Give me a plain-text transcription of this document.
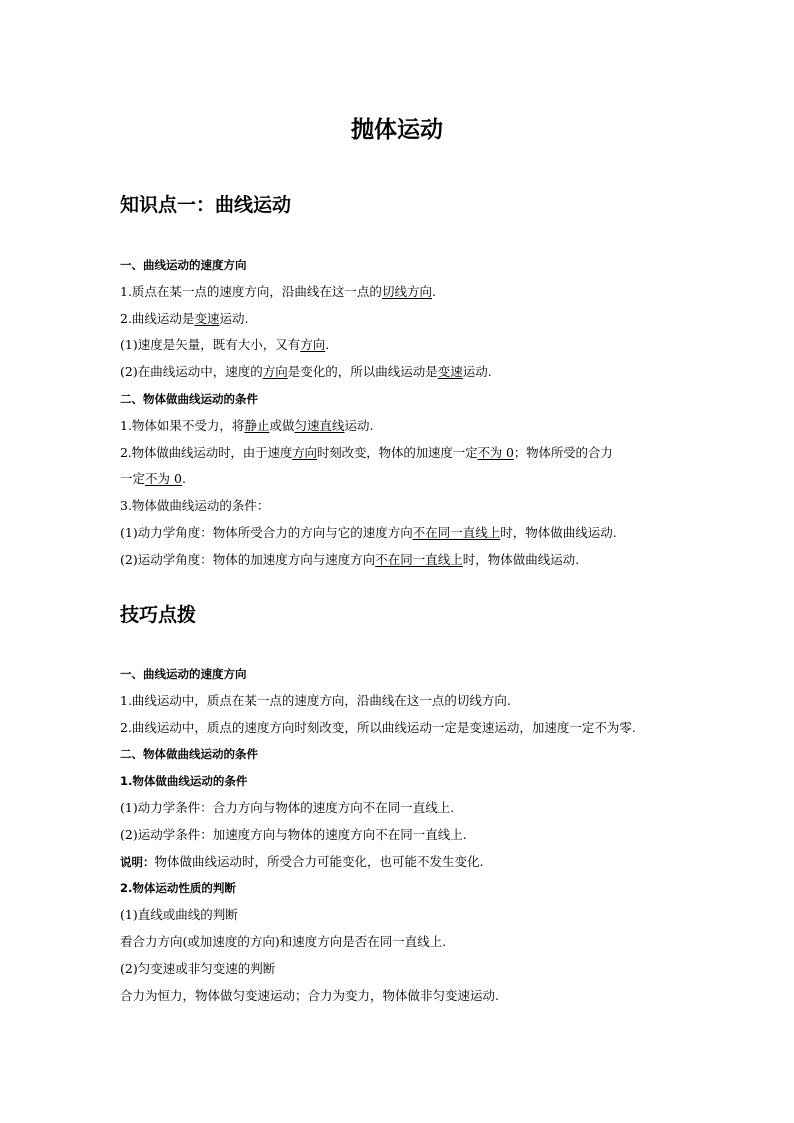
抛体运动
知识点一：曲线运动
一、曲线运动的速度方向
1.质点在某一点的速度方向，沿曲线在这一点的切线方向.
2.曲线运动是变速运动.
(1)速度是矢量，既有大小，又有方向.
(2)在曲线运动中，速度的方向是变化的，所以曲线运动是变速运动.
二、物体做曲线运动的条件
1.物体如果不受力，将静止或做匀速直线运动.
2.物体做曲线运动时，由于速度方向时刻改变，物体的加速度一定不为 0；物体所受的合力
一定不为 0.
3.物体做曲线运动的条件：
(1)动力学角度：物体所受合力的方向与它的速度方向不在同一直线上时，物体做曲线运动.
(2)运动学角度：物体的加速度方向与速度方向不在同一直线上时，物体做曲线运动.
技巧点拨
一、曲线运动的速度方向
1.曲线运动中，质点在某一点的速度方向，沿曲线在这一点的切线方向.
2.曲线运动中，质点的速度方向时刻改变，所以曲线运动一定是变速运动，加速度一定不为零.
二、物体做曲线运动的条件
1.物体做曲线运动的条件
(1)动力学条件：合力方向与物体的速度方向不在同一直线上.
(2)运动学条件：加速度方向与物体的速度方向不在同一直线上.
说明：物体做曲线运动时，所受合力可能变化，也可能不发生变化.
2.物体运动性质的判断
(1)直线或曲线的判断
看合力方向(或加速度的方向)和速度方向是否在同一直线上.
(2)匀变速或非匀变速的判断
合力为恒力，物体做匀变速运动；合力为变力，物体做非匀变速运动.
